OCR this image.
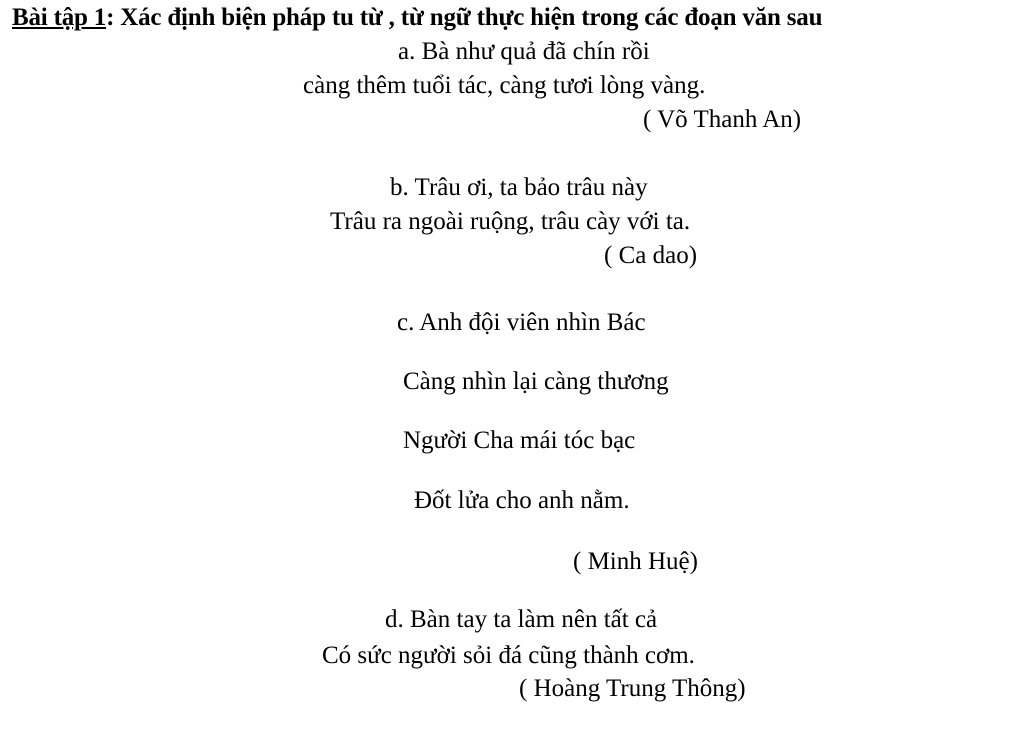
Bài tập 1: Xác định biện pháp tu từ , từ ngữ thực hiện trong các đoạn văn sau
a. Bà như quả đã chín rồi
càng thêm tuổi tác, càng tươi lòng vàng.
( Võ Thanh An)
b. Trâu ơi, ta bảo trâu này
Trâu ra ngoài ruộng, trâu cày với ta.
( Ca dao)
c. Anh đội viên nhìn Bác
Càng nhìn lại càng thương
Người Cha mái tóc bạc
Đốt lửa cho anh nằm.
( Minh Huệ)
d. Bàn tay ta làm nên tất cả
Có sức người sỏi đá cũng thành cơm.
( Hoàng Trung Thông)
